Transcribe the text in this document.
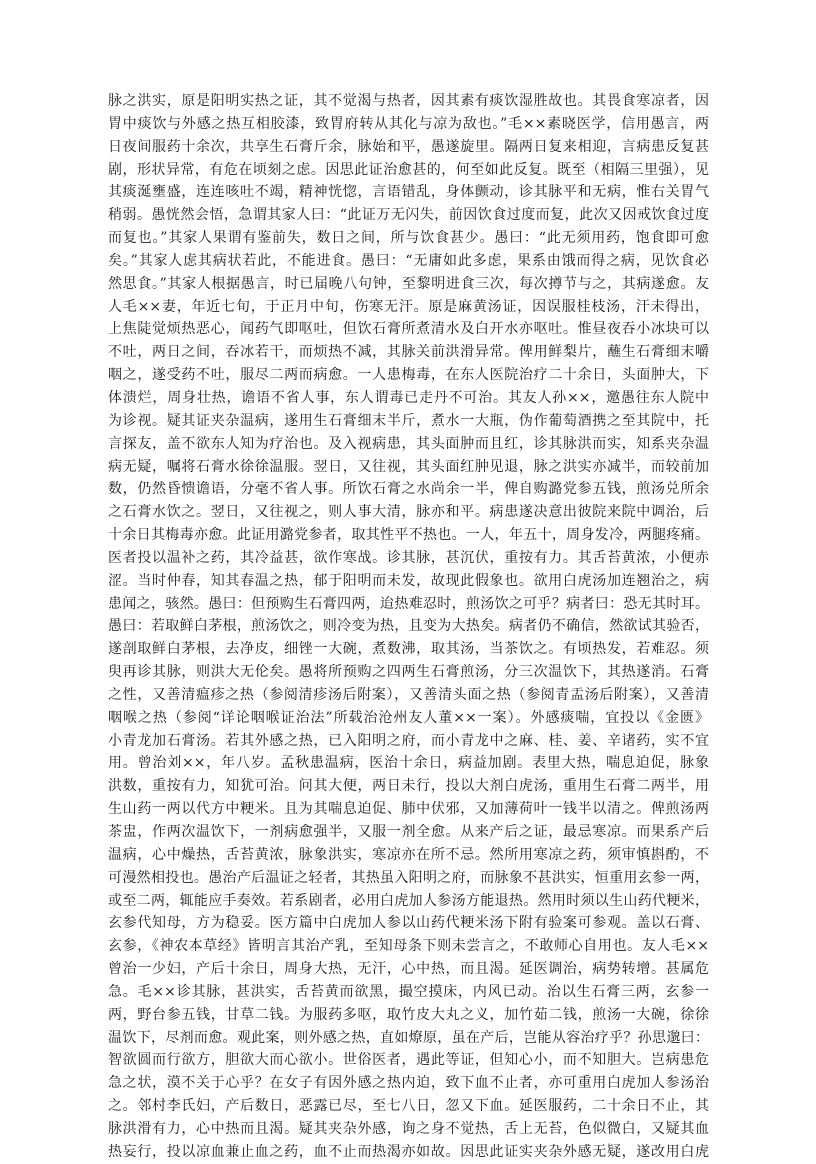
脉之洪实，原是阳明实热之证，其不觉渴与热者，因其素有痰饮湿胜故也。其畏食寒凉者，因
胃中痰饮与外感之热互相胶漆，致胃府转从其化与凉为敌也。”毛××素晓医学，信用愚言，两
日夜间服药十余次，共享生石膏斤余，脉始和平，愚遂旋里。隔两日复来相迎，言病患反复甚
剧，形状异常，有危在顷刻之虑。因思此证治愈甚的，何至如此反复。既至（相隔三里强），见
其痰涎壅盛，连连咳吐不竭，精神恍惚，言语错乱，身体颤动，诊其脉平和无病，惟右关胃气
稍弱。愚恍然会悟，急谓其家人曰：“此证万无闪失，前因饮食过度而复，此次又因戒饮食过度
而复也。”其家人果谓有鉴前失，数日之间，所与饮食甚少。愚曰：“此无须用药，饱食即可愈
矣。”其家人虑其病状若此，不能进食。愚曰：“无庸如此多虑，果系由饿而得之病，见饮食必
然思食。”其家人根据愚言，时已届晚八句钟，至黎明进食三次，每次撙节与之，其病遂愈。友
人毛××妻，年近七旬，于正月中旬，伤寒无汗。原是麻黄汤证，因误服桂枝汤，汗未得出，
上焦陡觉烦热恶心，闻药气即呕吐，但饮石膏所煮清水及白开水亦呕吐。惟昼夜吞小冰块可以
不吐，两日之间，吞冰若干，而烦热不减，其脉关前洪滑异常。俾用鲜梨片，蘸生石膏细末嚼
咽之，遂受药不吐，服尽二两而病愈。一人患梅毒，在东人医院治疗二十余日，头面肿大，下
体溃烂，周身壮热，谵语不省人事，东人谓毒已走丹不可治。其友人孙××，邀愚往东人院中
为诊视。疑其证夹杂温病，遂用生石膏细末半斤，煮水一大瓶，伪作葡萄酒携之至其院中，托
言探友，盖不欲东人知为疗治也。及入视病患，其头面肿而且红，诊其脉洪而实，知系夹杂温
病无疑，嘱将石膏水徐徐温服。翌日，又往视，其头面红肿见退，脉之洪实亦减半，而较前加
数，仍然昏愦谵语，分毫不省人事。所饮石膏之水尚余一半，俾自购潞党参五钱，煎汤兑所余
之石膏水饮之。翌日，又往视之，则人事大清，脉亦和平。病患遂决意出彼院来院中调治，后
十余日其梅毒亦愈。此证用潞党参者，取其性平不热也。一人，年五十，周身发冷，两腿疼痛。
医者投以温补之药，其冷益甚，欲作寒战。诊其脉，甚沉伏，重按有力。其舌苔黄浓，小便赤
涩。当时仲春，知其春温之热，郁于阳明而未发，故现此假象也。欲用白虎汤加连翘治之，病
患闻之，骇然。愚曰：但预购生石膏四两，迨热难忍时，煎汤饮之可乎？病者曰：恐无其时耳。
愚曰：若取鲜白茅根，煎汤饮之，则冷变为热，且变为大热矣。病者仍不确信，然欲试其验否，
遂剖取鲜白茅根，去净皮，细锉一大碗，煮数沸，取其汤，当茶饮之。有顷热发，若难忍。须
臾再诊其脉，则洪大无伦矣。愚将所预购之四两生石膏煎汤，分三次温饮下，其热遂消。石膏
之性，又善清瘟疹之热（参阅清疹汤后附案），又善清头面之热（参阅青盂汤后附案），又善清
咽喉之热（参阅“详论咽喉证治法”所载治沧州友人董××一案）。外感痰喘，宜投以《金匮》
小青龙加石膏汤。若其外感之热，已入阳明之府，而小青龙中之麻、桂、姜、辛诸药，实不宜
用。曾治刘××，年八岁。孟秋患温病，医治十余日，病益加剧。表里大热，喘息迫促，脉象
洪数，重按有力，知犹可治。问其大便，两日未行，投以大剂白虎汤，重用生石膏二两半，用
生山药一两以代方中粳米。且为其喘息迫促、肺中伏邪，又加薄荷叶一钱半以清之。俾煎汤两
茶盅，作两次温饮下，一剂病愈强半，又服一剂全愈。从来产后之证，最忌寒凉。而果系产后
温病，心中燥热，舌苔黄浓，脉象洪实，寒凉亦在所不忌。然所用寒凉之药，须审慎斟酌，不
可漫然相投也。愚治产后温证之轻者，其热虽入阳明之府，而脉象不甚洪实，恒重用玄参一两，
或至二两，辄能应手奏效。若系剧者，必用白虎加人参汤方能退热。然用时须以生山药代粳米，
玄参代知母，方为稳妥。医方篇中白虎加人参以山药代粳米汤下附有验案可参观。盖以石膏、
玄参，《神农本草经》皆明言其治产乳，至知母条下则未尝言之，不敢师心自用也。友人毛××
曾治一少妇，产后十余日，周身大热，无汗，心中热，而且渴。延医调治，病势转增。甚属危
急。毛××诊其脉，甚洪实，舌苔黄而欲黑，撮空摸床，内风已动。治以生石膏三两，玄参一
两，野台参五钱，甘草二钱。为服药多呕，取竹皮大丸之义，加竹茹二钱，煎汤一大碗，徐徐
温饮下，尽剂而愈。观此案，则外感之热，直如燎原，虽在产后，岂能从容治疗乎？孙思邈曰：
智欲圆而行欲方，胆欲大而心欲小。世俗医者，遇此等证，但知心小，而不知胆大。岂病患危
急之状，漠不关于心乎？在女子有因外感之热内迫，致下血不止者，亦可重用白虎加人参汤治
之。邻村李氏妇，产后数日，恶露已尽，至七八日，忽又下血。延医服药，二十余日不止，其
脉洪滑有力，心中热而且渴。疑其夹杂外感，询之身不觉热，舌上无苔，色似微白，又疑其血
热妄行，投以凉血兼止血之药，血不止而热渴亦如故。因思此证实夹杂外感无疑，遂改用白虎
